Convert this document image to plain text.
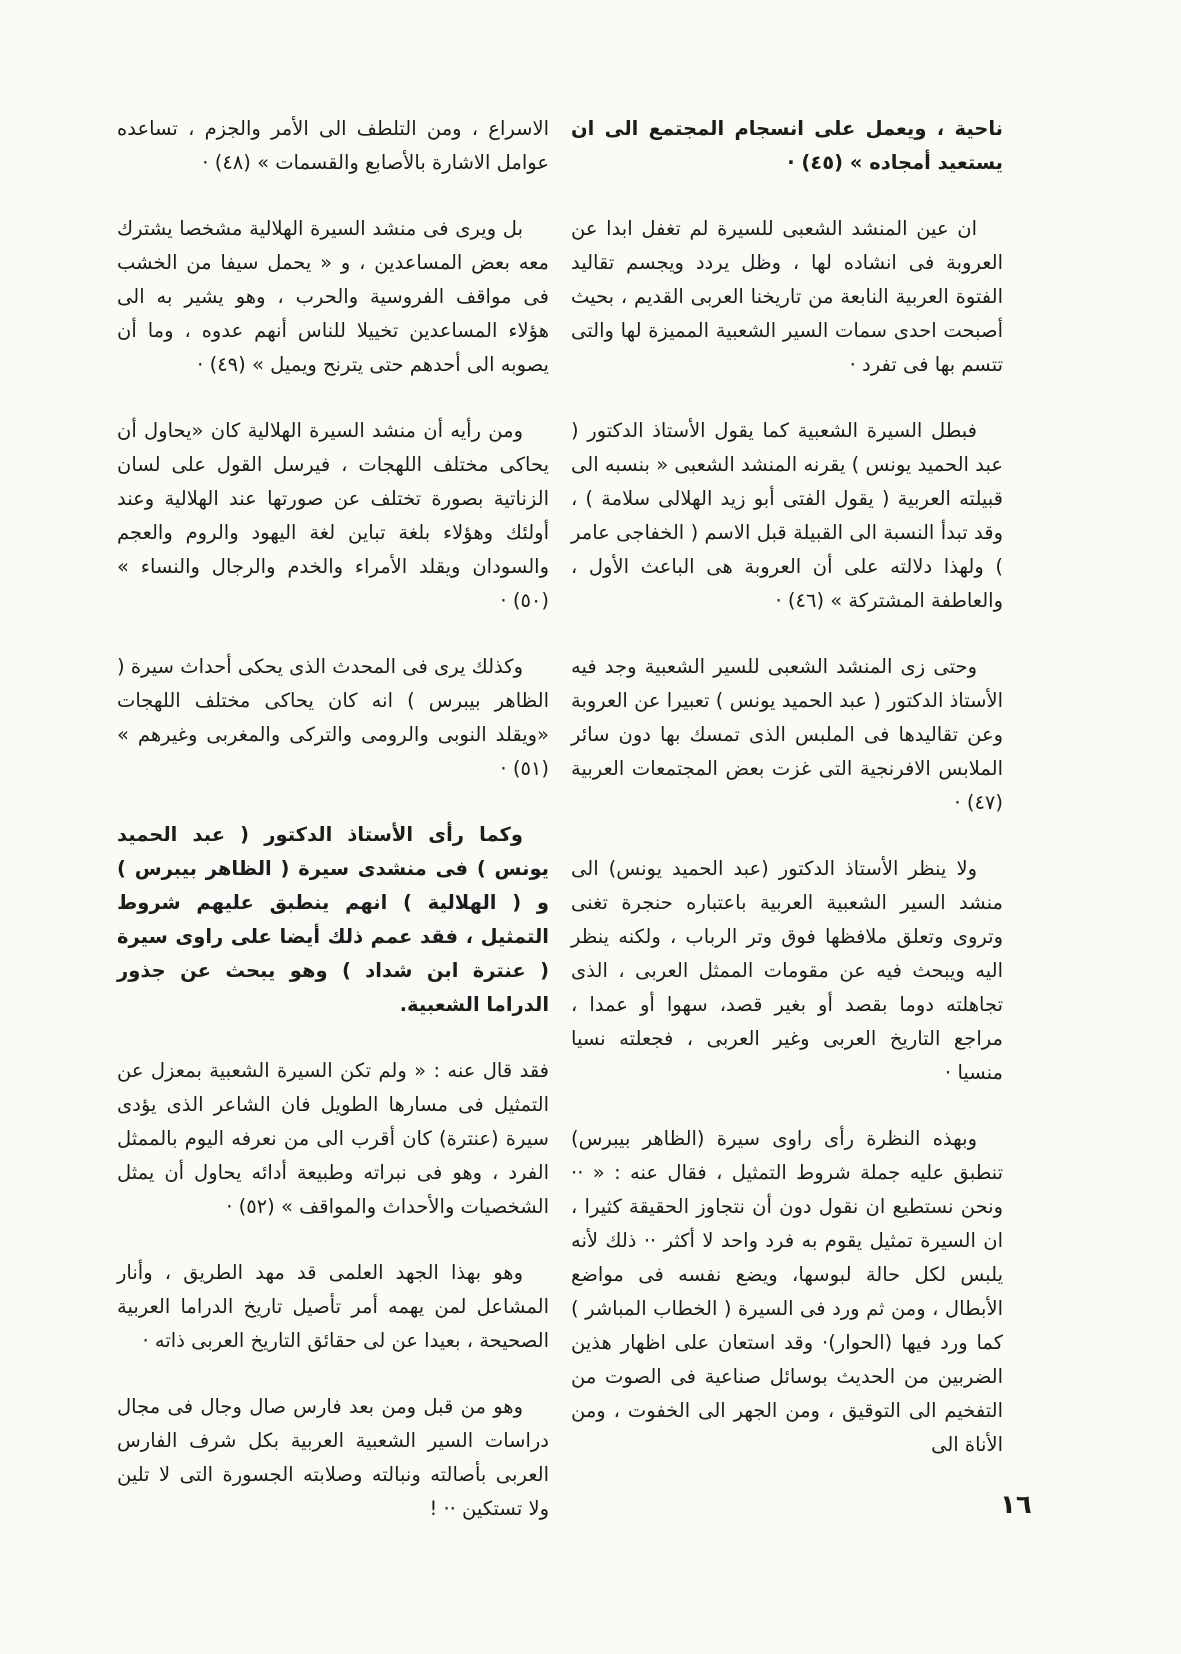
ناحية ، ويعمل على انسجام المجتمع الى ان يستعيد أمجاده » (٤٥) ·

ان عين المنشد الشعبى للسيرة لم تغفل ابدا عن العروبة فى انشاده لها ، وظل يردد ويجسم تقاليد الفتوة العربية النابعة من تاريخنا العربى القديم ، بحيث أصبحت احدى سمات السير الشعبية المميزة لها والتى تتسم بها فى تفرد ·

فبطل السيرة الشعبية كما يقول الأستاذ الدكتور ( عبد الحميد يونس ) يقرنه المنشد الشعبى « بنسبه الى قبيلته العربية ( يقول الفتى أبو زيد الهلالى سلامة ) ، وقد تبدأ النسبة الى القبيلة قبل الاسم ( الخفاجى عامر ) ولهذا دلالته على أن العروبة هى الباعث الأول ، والعاطفة المشتركة » (٤٦) ·

وحتى زى المنشد الشعبى للسير الشعبية وجد فيه الأستاذ الدكتور ( عبد الحميد يونس ) تعبيرا عن العروبة وعن تقاليدها فى الملبس الذى تمسك بها دون سائر الملابس الافرنجية التى غزت بعض المجتمعات العربية (٤٧) ·

ولا ينظر الأستاذ الدكتور (عبد الحميد يونس) الى منشد السير الشعبية العربية باعتباره حنجرة تغنى وتروى وتعلق ملافظها فوق وتر الرباب ، ولكنه ينظر اليه ويبحث فيه عن مقومات الممثل العربى ، الذى تجاهلته دوما بقصد أو بغير قصد، سهوا أو عمدا ، مراجع التاريخ العربى وغير العربى ، فجعلته نسيا منسيا ·

وبهذه النظرة رأى راوى سيرة (الظاهر بيبرس) تنطبق عليه جملة شروط التمثيل ، فقال عنه : « ·· ونحن نستطيع ان نقول دون أن نتجاوز الحقيقة كثيرا ، ان السيرة تمثيل يقوم به فرد واحد لا أكثر ·· ذلك لأنه يلبس لكل حالة لبوسها، ويضع نفسه فى مواضع الأبطال ، ومن ثم ورد فى السيرة ( الخطاب المباشر ) كما ورد فيها (الحوار)· وقد استعان على اظهار هذين الضربين من الحديث بوسائل صناعية فى الصوت من التفخيم الى التوقيق ، ومن الجهر الى الخفوت ، ومن الأناة الى

الاسراع ، ومن التلطف الى الأمر والجزم ، تساعده عوامل الاشارة بالأصابع والقسمات » (٤٨) ·

بل ويرى فى منشد السيرة الهلالية مشخصا يشترك معه بعض المساعدين ، و « يحمل سيفا من الخشب فى مواقف الفروسية والحرب ، وهو يشير به الى هؤلاء المساعدين تخييلا للناس أنهم عدوه ، وما أن يصوبه الى أحدهم حتى يترنح ويميل » (٤٩) ·

ومن رأيه أن منشد السيرة الهلالية كان «يحاول أن يحاكى مختلف اللهجات ، فيرسل القول على لسان الزناتية بصورة تختلف عن صورتها عند الهلالية وعند أولئك وهؤلاء بلغة تباين لغة اليهود والروم والعجم والسودان ويقلد الأمراء والخدم والرجال والنساء » (٥٠) ·

وكذلك يرى فى المحدث الذى يحكى أحداث سيرة ( الظاهر بيبرس ) انه كان يحاكى مختلف اللهجات «ويقلد النوبى والرومى والتركى والمغربى وغيرهم » (٥١) ·

وكما رأى الأستاذ الدكتور ( عبد الحميد يونس ) فى منشدى سيرة ( الظاهر بيبرس ) و ( الهلالية ) انهم ينطبق عليهم شروط التمثيل ، فقد عمم ذلك أيضا على راوى سيرة ( عنترة ابن شداد ) وهو يبحث عن جذور الدراما الشعبية.

فقد قال عنه : « ولم تكن السيرة الشعبية بمعزل عن التمثيل فى مسارها الطويل فان الشاعر الذى يؤدى سيرة (عنترة) كان أقرب الى من نعرفه اليوم بالممثل الفرد ، وهو فى نبراته وطبيعة أدائه يحاول أن يمثل الشخصيات والأحداث والمواقف » (٥٢) ·

وهو بهذا الجهد العلمى قد مهد الطريق ، وأنار المشاعل لمن يهمه أمر تأصيل تاريخ الدراما العربية الصحيحة ، بعيدا عن لى حقائق التاريخ العربى ذاته ·

وهو من قبل ومن بعد فارس صال وجال فى مجال دراسات السير الشعبية العربية بكل شرف الفارس العربى بأصالته ونبالته وصلابته الجسورة التى لا تلين ولا تستكين ·· !	١٦
